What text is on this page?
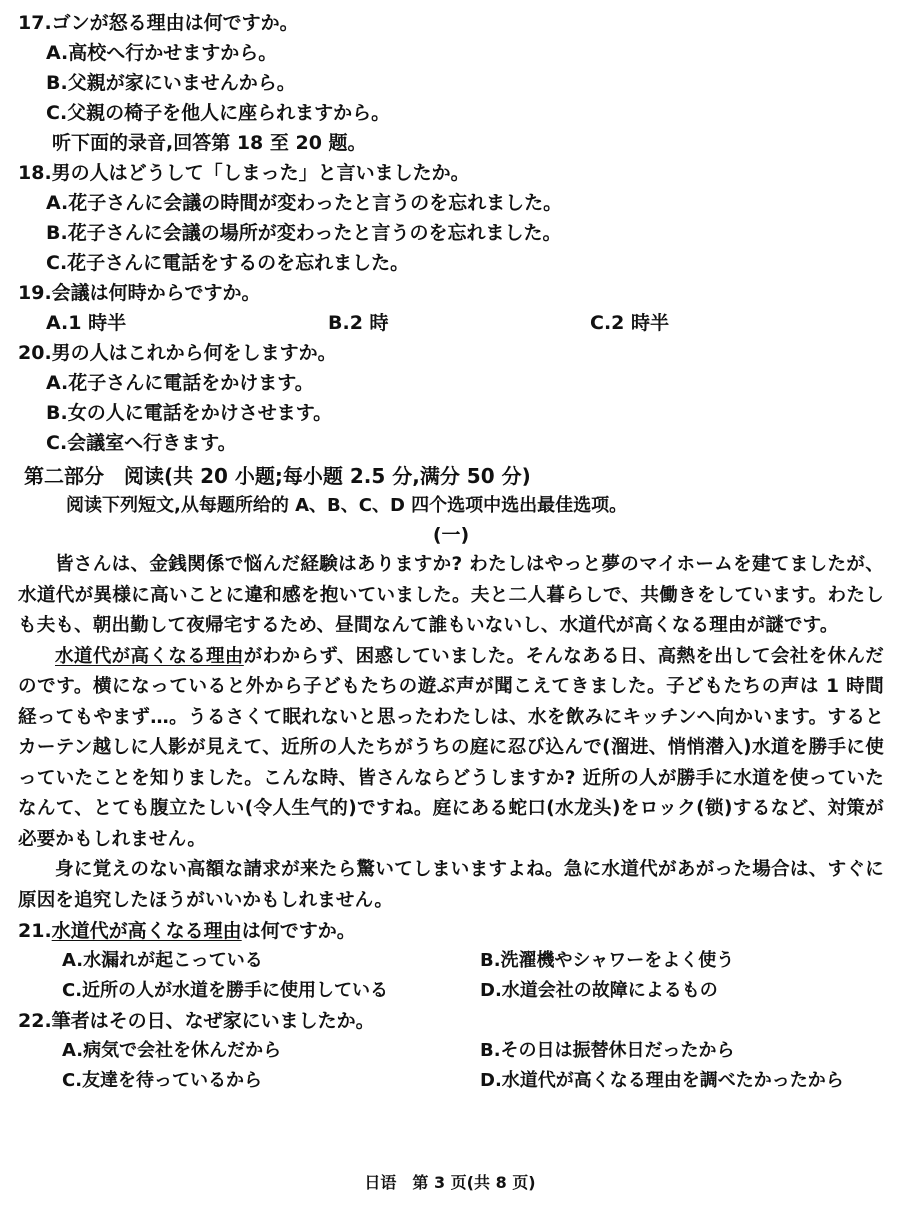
17.ゴンが怒る理由は何ですか。
A.高校へ行かせますから。
B.父親が家にいませんから。
C.父親の椅子を他人に座られますから。
听下面的录音,回答第 18 至 20 题。
18.男の人はどうして「しまった」と言いましたか。
A.花子さんに会議の時間が変わったと言うのを忘れました。
B.花子さんに会議の場所が変わったと言うのを忘れました。
C.花子さんに電話をするのを忘れました。
19.会議は何時からですか。
A.1 時半	B.2 時	C.2 時半
20.男の人はこれから何をしますか。
A.花子さんに電話をかけます。
B.女の人に電話をかけさせます。
C.会議室へ行きます。
第二部分　阅读(共 20 小题;每小题 2.5 分,满分 50 分)
阅读下列短文,从每题所给的 A、B、C、D 四个选项中选出最佳选项。
(一)

皆さんは、金銭関係で悩んだ経験はありますか? わたしはやっと夢のマイホームを建てましたが、水道代が異様に高いことに違和感を抱いていました。夫と二人暮らしで、共働きをしています。わたしも夫も、朝出勤して夜帰宅するため、昼間なんて誰もいないし、水道代が高くなる理由が謎です。

水道代が高くなる理由がわからず、困惑していました。そんなある日、高熱を出して会社を休んだのです。横になっていると外から子どもたちの遊ぶ声が聞こえてきました。子どもたちの声は 1 時間経ってもやまず…。うるさくて眠れないと思ったわたしは、水を飲みにキッチンへ向かいます。するとカーテン越しに人影が見えて、近所の人たちがうちの庭に忍び込んで(溜进、悄悄潜入)水道を勝手に使っていたことを知りました。こんな時、皆さんならどうしますか? 近所の人が勝手に水道を使っていたなんて、とても腹立たしい(令人生气的)ですね。庭にある蛇口(水龙头)をロック(锁)するなど、対策が必要かもしれません。

身に覚えのない高額な請求が来たら驚いてしまいますよね。急に水道代があがった場合は、すぐに原因を追究したほうがいいかもしれません。

21.水道代が高くなる理由は何ですか。
A.水漏れが起こっている	B.洗濯機やシャワーをよく使う
C.近所の人が水道を勝手に使用している	D.水道会社の故障によるもの
22.筆者はその日、なぜ家にいましたか。
A.病気で会社を休んだから	B.その日は振替休日だったから
C.友達を待っているから	D.水道代が高くなる理由を調べたかったから
日语　第 3 页(共 8 页)
